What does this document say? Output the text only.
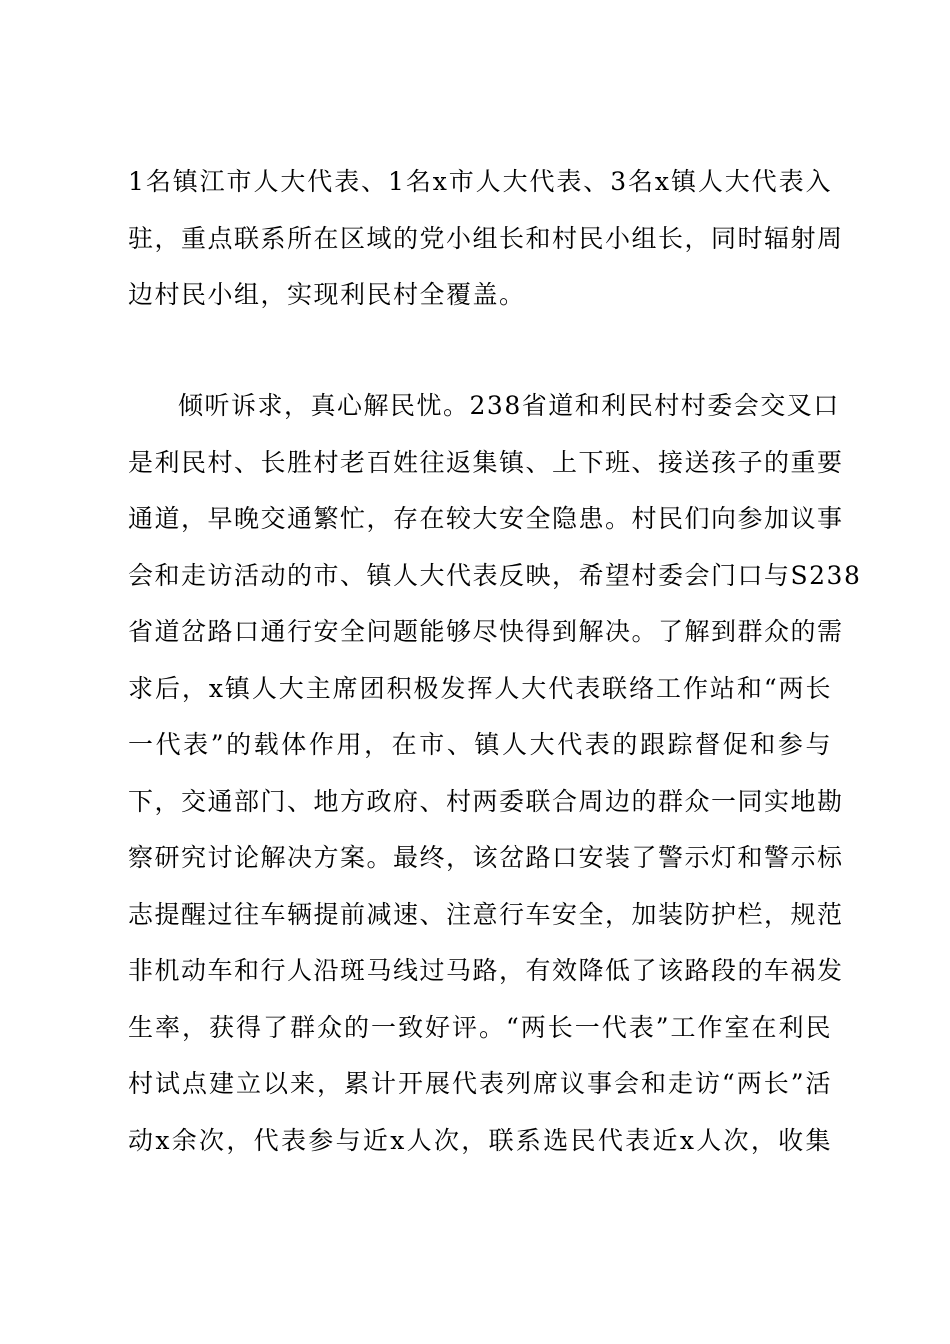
1名镇江市人大代表、1名x市人大代表、3名x镇人大代表入
驻，重点联系所在区域的党小组长和村民小组长，同时辐射周
边村民小组，实现利民村全覆盖。
倾听诉求，真心解民忧。238省道和利民村村委会交叉口
是利民村、长胜村老百姓往返集镇、上下班、接送孩子的重要
通道，早晚交通繁忙，存在较大安全隐患。村民们向参加议事
会和走访活动的市、镇人大代表反映，希望村委会门口与S238
省道岔路口通行安全问题能够尽快得到解决。了解到群众的需
求后，x镇人大主席团积极发挥人大代表联络工作站和“两长
一代表”的载体作用，在市、镇人大代表的跟踪督促和参与
下，交通部门、地方政府、村两委联合周边的群众一同实地勘
察研究讨论解决方案。最终，该岔路口安装了警示灯和警示标
志提醒过往车辆提前减速、注意行车安全，加装防护栏，规范
非机动车和行人沿斑马线过马路，有效降低了该路段的车祸发
生率，获得了群众的一致好评。“两长一代表”工作室在利民
村试点建立以来，累计开展代表列席议事会和走访“两长”活
动x余次，代表参与近x人次，联系选民代表近x人次，收集
